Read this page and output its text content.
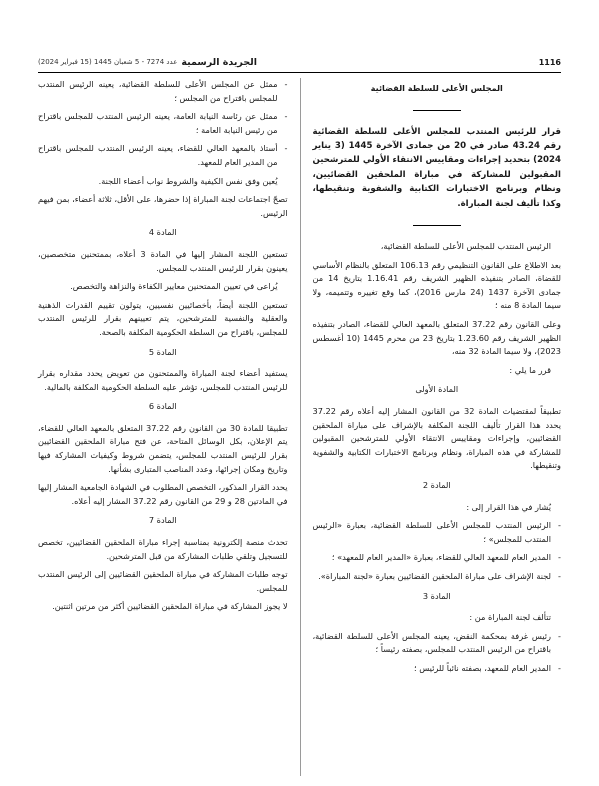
1116
الجريدة الرسمية
عدد 7274 - 5 شعبان 1445 (15 فبراير 2024)
المجلس الأعلى للسلطة القضائية

قرار للرئيس المنتدب للمجلس الأعلى للسلطة القضائية رقم 43.24 صادر في 20 من جمادى الآخرة 1445 (3 يناير 2024) بتحديد إجراءات ومقاييس الانتقاء الأولي للمترشحين المقبولين للمشاركة في مباراة الملحقين القضائيين، ونظام وبرنامج الاختبارات الكتابية والشفوية وتنقيطها، وكذا تأليف لجنة المباراة.

الرئيس المنتدب للمجلس الأعلى للسلطة القضائية،

بعد الاطلاع على القانون التنظيمي رقم 106.13 المتعلق بالنظام الأساسي للقضاة، الصادر بتنفيذه الظهير الشريف رقم 1.16.41 بتاريخ 14 من جمادى الآخرة 1437 (24 مارس 2016)، كما وقع تغييره وتتميمه، ولا سيما المادة 8 منه ؛

وعلى القانون رقم 37.22 المتعلق بالمعهد العالي للقضاء، الصادر بتنفيذه الظهير الشريف رقم 1.23.60 بتاريخ 23 من محرم 1445 (10 أغسطس 2023)، ولا سيما المادة 32 منه،

قرر ما يلي :

المادة الأولى

تطبيقاً لمقتضيات المادة 32 من القانون المشار إليه أعلاه رقم 37.22 يحدد هذا القرار تأليف اللجنة المكلفة بالإشراف على مباراة الملحقين القضائيين، وإجراءات ومقاييس الانتقاء الأولي للمترشحين المقبولين للمشاركة في هذه المباراة، ونظام وبرنامج الاختبارات الكتابية والشفوية وتنقيطها.

المادة 2

يُشار في هذا القرار إلى :

- الرئيس المنتدب للمجلس الأعلى للسلطة القضائية، بعبارة «الرئيس المنتدب للمجلس» ؛

- المدير العام للمعهد العالي للقضاء، بعبارة «المدير العام للمعهد» ؛

- لجنة الإشراف على مباراة الملحقين القضائيين بعبارة «لجنة المباراة».

المادة 3

تتألف لجنة المباراة من :

- رئيس غرفة بمحكمة النقض، يعينه المجلس الأعلى للسلطة القضائية، باقتراح من الرئيس المنتدب للمجلس، بصفته رئيساً ؛

- المدير العام للمعهد، بصفته نائباً للرئيس ؛

- ممثل عن المجلس الأعلى للسلطة القضائية، يعينه الرئيس المنتدب للمجلس باقتراح من المجلس ؛

- ممثل عن رئاسة النيابة العامة، يعينه الرئيس المنتدب للمجلس باقتراح من رئيس النيابة العامة ؛

- أستاذ بالمعهد العالي للقضاء، يعينه الرئيس المنتدب للمجلس باقتراح من المدير العام للمعهد.

يُعين وفق نفس الكيفية والشروط نواب أعضاء اللجنة.

تصحّ اجتماعات لجنة المباراة إذا حضرها، على الأقل، ثلاثة أعضاء، بمن فيهم الرئيس.

المادة 4

تستعين اللجنة المشار إليها في المادة 3 أعلاه، بممتحنين متخصصين، يعينون بقرار للرئيس المنتدب للمجلس.

يُراعى في تعيين الممتحنين معايير الكفاءة والنزاهة والتخصص.

تستعين اللجنة أيضاً، بأخصائيين نفسيين، يتولون تقييم القدرات الذهنية والعقلية والنفسية للمترشحين، يتم تعيينهم بقرار للرئيس المنتدب للمجلس، باقتراح من السلطة الحكومية المكلفة بالصحة.

المادة 5

يستفيد أعضاء لجنة المباراة والممتحنون من تعويض يحدد مقداره بقرار للرئيس المنتدب للمجلس، تؤشر عليه السلطة الحكومية المكلفة بالمالية.

المادة 6

تطبيقا للمادة 30 من القانون رقم 37.22 المتعلق بالمعهد العالي للقضاء، يتم الإعلان، بكل الوسائل المتاحة، عن فتح مباراة الملحقين القضائيين بقرار للرئيس المنتدب للمجلس، يتضمن شروط وكيفيات المشاركة فيها وتاريخ ومكان إجرائها، وعدد المناصب المتبارى بشأنها.

يحدد القرار المذكور، التخصص المطلوب في الشهادة الجامعية المشار إليها في المادتين 28 و 29 من القانون رقم 37.22 المشار إليه أعلاه.

المادة 7

تحدث منصة إلكترونية بمناسبة إجراء مباراة الملحقين القضائيين، تخصص للتسجيل وتلقي طلبات المشاركة من قبل المترشحين.

توجه طلبات المشاركة في مباراة الملحقين القضائيين إلى الرئيس المنتدب للمجلس.

لا يجوز المشاركة في مباراة الملحقين القضائيين أكثر من مرتين اثنتين.
